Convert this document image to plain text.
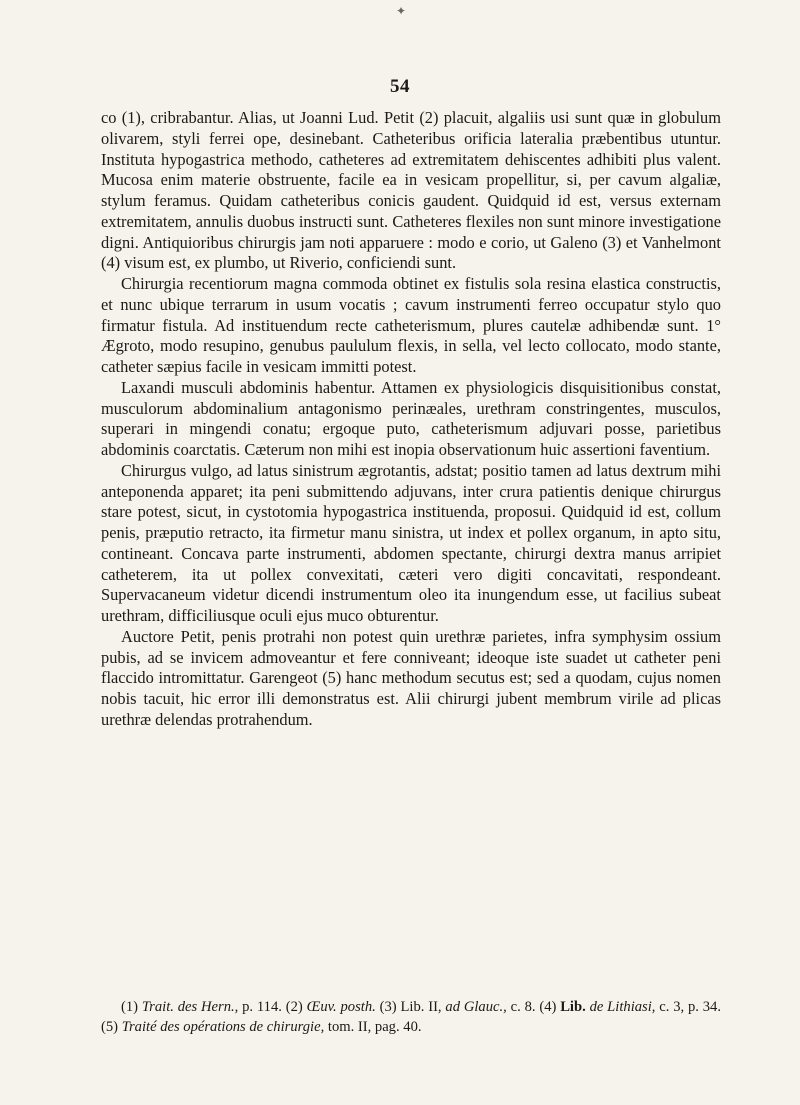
54

co (1), cribrabantur. Alias, ut Joanni Lud. Petit (2) placuit, algaliis usi sunt quæ in globulum olivarem, styli ferrei ope, desinebant. Catheteribus orificia lateralia præbentibus utuntur. Instituta hypogastrica methodo, catheteres ad extremitatem dehiscentes adhibiti plus valent. Mucosa enim materie obstruente, facile ea in vesicam propellitur, si, per cavum algaliæ, stylum feramus. Quidam catheteribus conicis gaudent. Quidquid id est, versus externam extremitatem, annulis duobus instructi sunt. Catheteres flexiles non sunt minore investigatione digni. Antiquioribus chirurgis jam noti apparuere : modo e corio, ut Galeno (3) et Vanhelmont (4) visum est, ex plumbo, ut Riverio, conficiendi sunt.

Chirurgia recentiorum magna commoda obtinet ex fistulis sola resina elastica constructis, et nunc ubique terrarum in usum vocatis ; cavum instrumenti ferreo occupatur stylo quo firmatur fistula. Ad instituendum recte catheterismum, plures cautelæ adhibendæ sunt. 1° Ægroto, modo resupino, genubus paululum flexis, in sella, vel lecto collocato, modo stante, catheter sæpius facile in vesicam immitti potest.

Laxandi musculi abdominis habentur. Attamen ex physiologicis disquisitionibus constat, musculorum abdominalium antagonismo perinæales, urethram constringentes, musculos, superari in mingendi conatu; ergoque puto, catheterismum adjuvari posse, parietibus abdominis coarctatis. Cæterum non mihi est inopia observationum huic assertioni faventium.

Chirurgus vulgo, ad latus sinistrum ægrotantis, adstat; positio tamen ad latus dextrum mihi anteponenda apparet; ita peni submittendo adjuvans, inter crura patientis denique chirurgus stare potest, sicut, in cystotomia hypogastrica instituenda, proposui. Quidquid id est, collum penis, præputio retracto, ita firmetur manu sinistra, ut index et pollex organum, in apto situ, contineant. Concava parte instrumenti, abdomen spectante, chirurgi dextra manus arripiet catheterem, ita ut pollex convexitati, cæteri vero digiti concavitati, respondeant. Supervacaneum videtur dicendi instrumentum oleo ita inungendum esse, ut facilius subeat urethram, difficiliusque oculi ejus muco obturentur.

Auctore Petit, penis protrahi non potest quin urethræ parietes, infra symphysim ossium pubis, ad se invicem admoveantur et fere conniveant; ideoque iste suadet ut catheter peni flaccido intromittatur. Garengeot (5) hanc methodum secutus est; sed a quodam, cujus nomen nobis tacuit, hic error illi demonstratus est. Alii chirurgi jubent membrum virile ad plicas urethræ delendas protrahendum.

(1) Trait. des Hern., p. 114. (2) Œuv. posth. (3) Lib. II, ad Glauc., c. 8. (4) Lib. de Lithiasi, c. 3, p. 34. (5) Traité des opérations de chirurgie, tom. II, pag. 40.
✦
